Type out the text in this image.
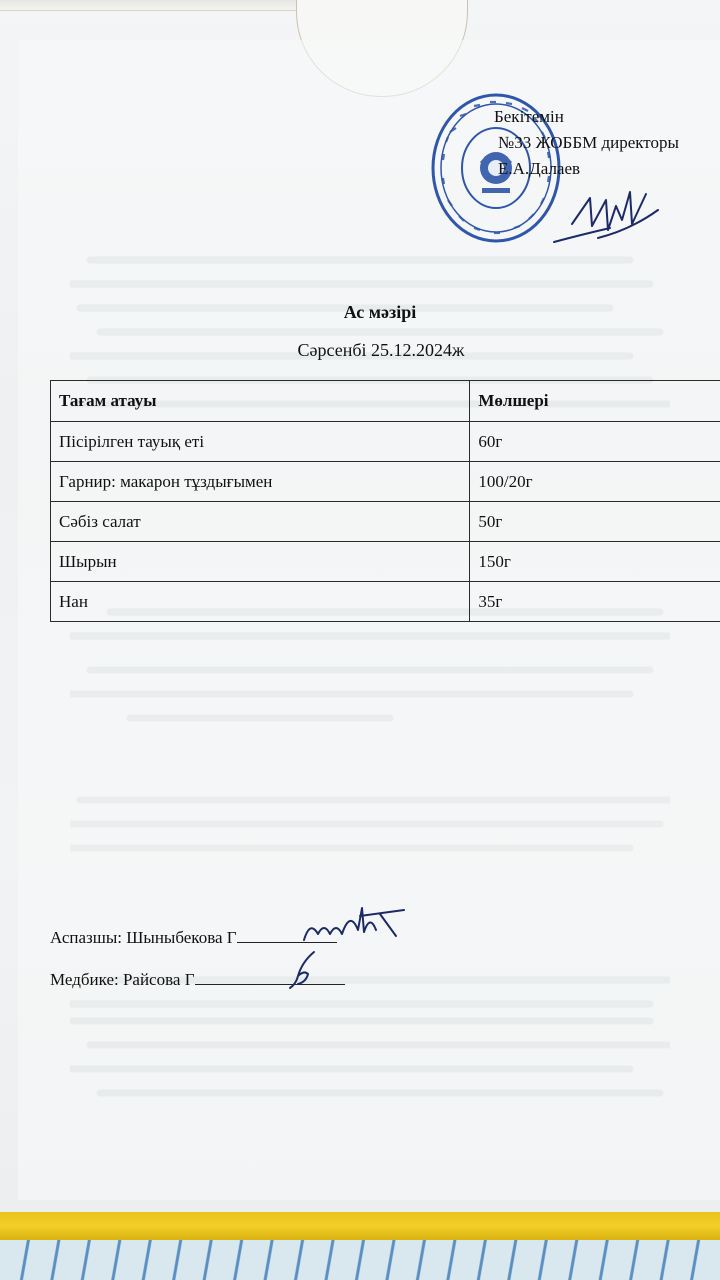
Бекітемін
№33 ЖОББМ директоры
Е.А.Далаев
Ас мәзірі
Сәрсенбі 25.12.2024ж
Тағам атауы	Мөлшері
Пісірілген тауық еті	60г
Гарнир: макарон тұздығымен	100/20г
Сәбіз салат	50г
Шырын	150г
Нан	35г
Аспазшы: Шыныбекова Г
Медбике: Райсова Г
